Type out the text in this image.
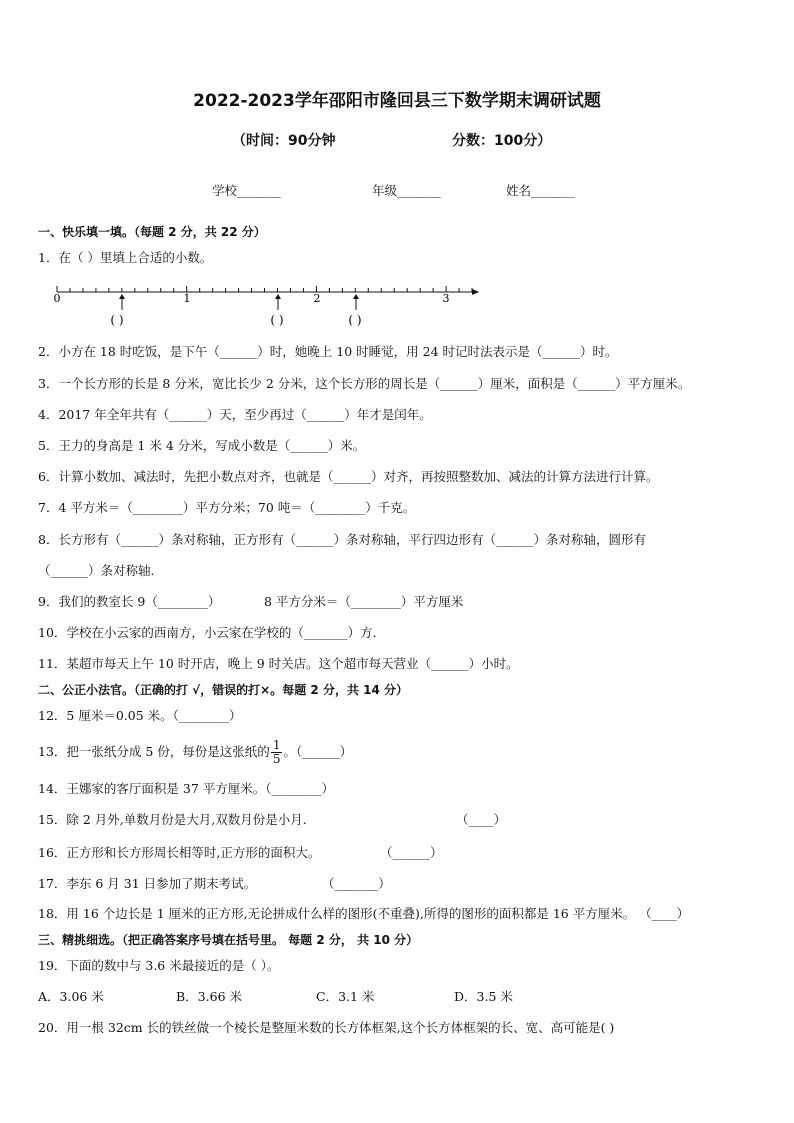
2022-2023学年邵阳市隆回县三下数学期末调研试题
（时间：90分钟	分数：100分）
学校_______	年级_______	姓名_______
一、快乐填一填。（每题 2 分，共 22 分）
1．在（ ）里填上合适的小数。
0	1	2	3
( )	( )	( )
2．小方在 18 时吃饭，是下午（______）时，她晚上 10 时睡觉，用 24 时记时法表示是（______）时。
3．一个长方形的长是 8 分米，宽比长少 2 分米，这个长方形的周长是（______）厘米，面积是（______）平方厘米。
4．2017 年全年共有（______）天，至少再过（______）年才是闰年。
5．王力的身高是 1 米 4 分米，写成小数是（______）米。
6．计算小数加、减法时，先把小数点对齐，也就是（______）对齐，再按照整数加、减法的计算方法进行计算。
7．4 平方米＝（________）平方分米；70 吨＝（________）千克。
8．长方形有（______）条对称轴，正方形有（______）条对称轴，平行四边形有（______）条对称轴，圆形有
（______）条对称轴．
9．我们的教室长 9（________）	8 平方分米＝（________）平方厘米
10．学校在小云家的西南方，小云家在学校的（_______）方．
11．某超市每天上午 10 时开店，晚上 9 时关店。这个超市每天营业（______）小时。
二、公正小法官。（正确的打 √，错误的打×。每题 2 分，共 14 分）
12．5 厘米＝0.05 米。（________）
13．把一张纸分成 5 份，每份是这张纸的 $\frac{1}{5}$ 。（______）
14．王娜家的客厅面积是 37 平方厘米。（________）
15．除 2 月外,单数月份是大月,双数月份是小月.	（____）
16．正方形和长方形周长相等时,正方形的面积大。	（______）
17．李东 6 月 31 日参加了期末考试。	（_______）
18．用 16 个边长是 1 厘米的正方形,无论拼成什么样的图形(不重叠),所得的图形的面积都是 16 平方厘米。 （____）
三、精挑细选。（把正确答案序号填在括号里。 每题 2 分， 共 10 分）
19．下面的数中与 3.6 米最接近的是（ ）。
A．3.06 米	B．3.66 米	C．3.1 米	D．3.5 米
20．用一根 32cm 长的铁丝做一个棱长是整厘米数的长方体框架,这个长方体框架的长、宽、高可能是( )
